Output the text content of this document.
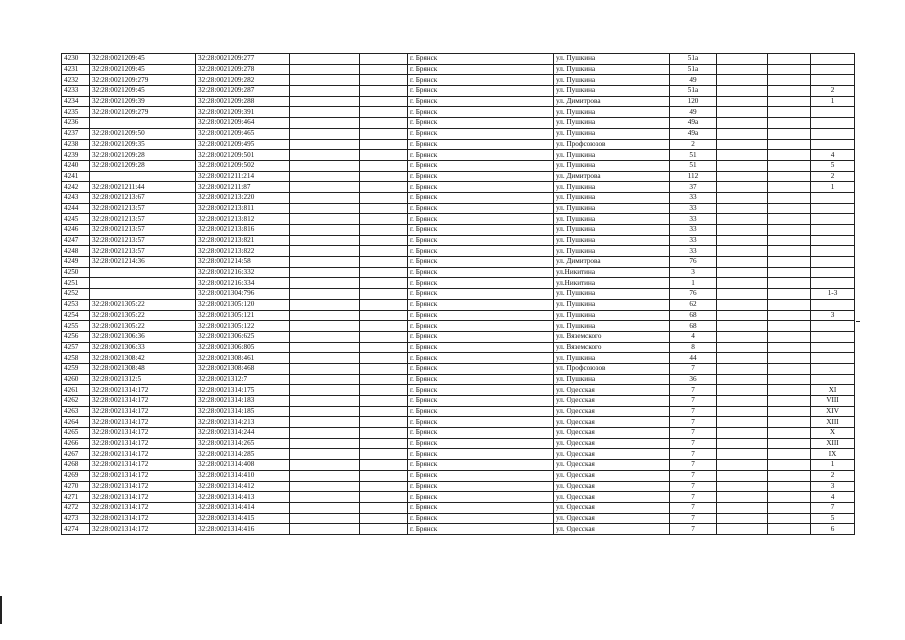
4230	32:28:0021209:45	32:28:0021209:277			г. Брянск	ул. Пушкина	51а			
4231	32:28:0021209:45	32:28:0021209:278			г. Брянск	ул. Пушкина	51а			
4232	32:28:0021209:279	32:28:0021209:282			г. Брянск	ул. Пушкина	49			
4233	32:28:0021209:45	32:28:0021209:287			г. Брянск	ул. Пушкина	51а			2
4234	32:28:0021209:39	32:28:0021209:288			г. Брянск	ул. Димитрова	120			1
4235	32:28:0021209:279	32:28:0021209:391			г. Брянск	ул. Пушкина	49			
4236		32:28:0021209:464			г. Брянск	ул. Пушкина	49а			
4237	32:28:0021209:50	32:28:0021209:465			г. Брянск	ул. Пушкина	49а			
4238	32:28:0021209:35	32:28:0021209:495			г. Брянск	ул. Профсоюзов	2			
4239	32:28:0021209:28	32:28:0021209:501			г. Брянск	ул. Пушкина	51			4
4240	32:28:0021209:28	32:28:0021209:502			г. Брянск	ул. Пушкина	51			5
4241		32:28:0021211:214			г. Брянск	ул. Димитрова	112			2
4242	32:28:0021211:44	32:28:0021211:87			г. Брянск	ул. Пушкина	37			1
4243	32:28:0021213:67	32:28:0021213:220			г. Брянск	ул. Пушкина	33			
4244	32:28:0021213:57	32:28:0021213:811			г. Брянск	ул. Пушкина	33			
4245	32:28:0021213:57	32:28:0021213:812			г. Брянск	ул. Пушкина	33			
4246	32:28:0021213:57	32:28:0021213:816			г. Брянск	ул. Пушкина	33			
4247	32:28:0021213:57	32:28:0021213:821			г. Брянск	ул. Пушкина	33			
4248	32:28:0021213:57	32:28:0021213:822			г. Брянск	ул. Пушкина	33			
4249	32:28:0021214:36	32:28:0021214:58			г. Брянск	ул. Димитрова	76			
4250		32:28:0021216:332			г. Брянск	ул.Никитина	3			
4251		32:28:0021216:334			г. Брянск	ул.Никитина	1			
4252		32:28:0021304:796			г. Брянск	ул. Пушкина	76			1-3
4253	32:28:0021305:22	32:28:0021305:120			г. Брянск	ул. Пушкина	62			
4254	32:28:0021305:22	32:28:0021305:121			г. Брянск	ул. Пушкина	68			3
4255	32:28:0021305:22	32:28:0021305:122			г. Брянск	ул. Пушкина	68			
4256	32:28:0021306:36	32:28:0021306:625			г. Брянск	ул. Вяземского	4			
4257	32:28:0021306:33	32:28:0021306:805			г. Брянск	ул. Вяземского	8			
4258	32:28:0021308:42	32:28:0021308:461			г. Брянск	ул. Пушкина	44			
4259	32:28:0021308:48	32:28:0021308:468			г. Брянск	ул. Профсоюзов	7			
4260	32:28:0021312:5	32:28:0021312:7			г. Брянск	ул. Пушкина	36			
4261	32:28:0021314:172	32:28:0021314:175			г. Брянск	ул. Одесская	7			XI
4262	32:28:0021314:172	32:28:0021314:183			г. Брянск	ул. Одесская	7			VIII
4263	32:28:0021314:172	32:28:0021314:185			г. Брянск	ул. Одесская	7			XIV
4264	32:28:0021314:172	32:28:0021314:213			г. Брянск	ул. Одесская	7			XIII
4265	32:28:0021314:172	32:28:0021314:244			г. Брянск	ул. Одесская	7			X
4266	32:28:0021314:172	32:28:0021314:265			г. Брянск	ул. Одесская	7			XIII
4267	32:28:0021314:172	32:28:0021314:285			г. Брянск	ул. Одесская	7			IX
4268	32:28:0021314:172	32:28:0021314:408			г. Брянск	ул. Одесская	7			1
4269	32:28:0021314:172	32:28:0021314:410			г. Брянск	ул. Одесская	7			2
4270	32:28:0021314:172	32:28:0021314:412			г. Брянск	ул. Одесская	7			3
4271	32:28:0021314:172	32:28:0021314:413			г. Брянск	ул. Одесская	7			4
4272	32:28:0021314:172	32:28:0021314:414			г. Брянск	ул. Одесская	7			7
4273	32:28:0021314:172	32:28:0021314:415			г. Брянск	ул. Одесская	7			5
4274	32:28:0021314:172	32:28:0021314:416			г. Брянск	ул. Одесская	7			6
